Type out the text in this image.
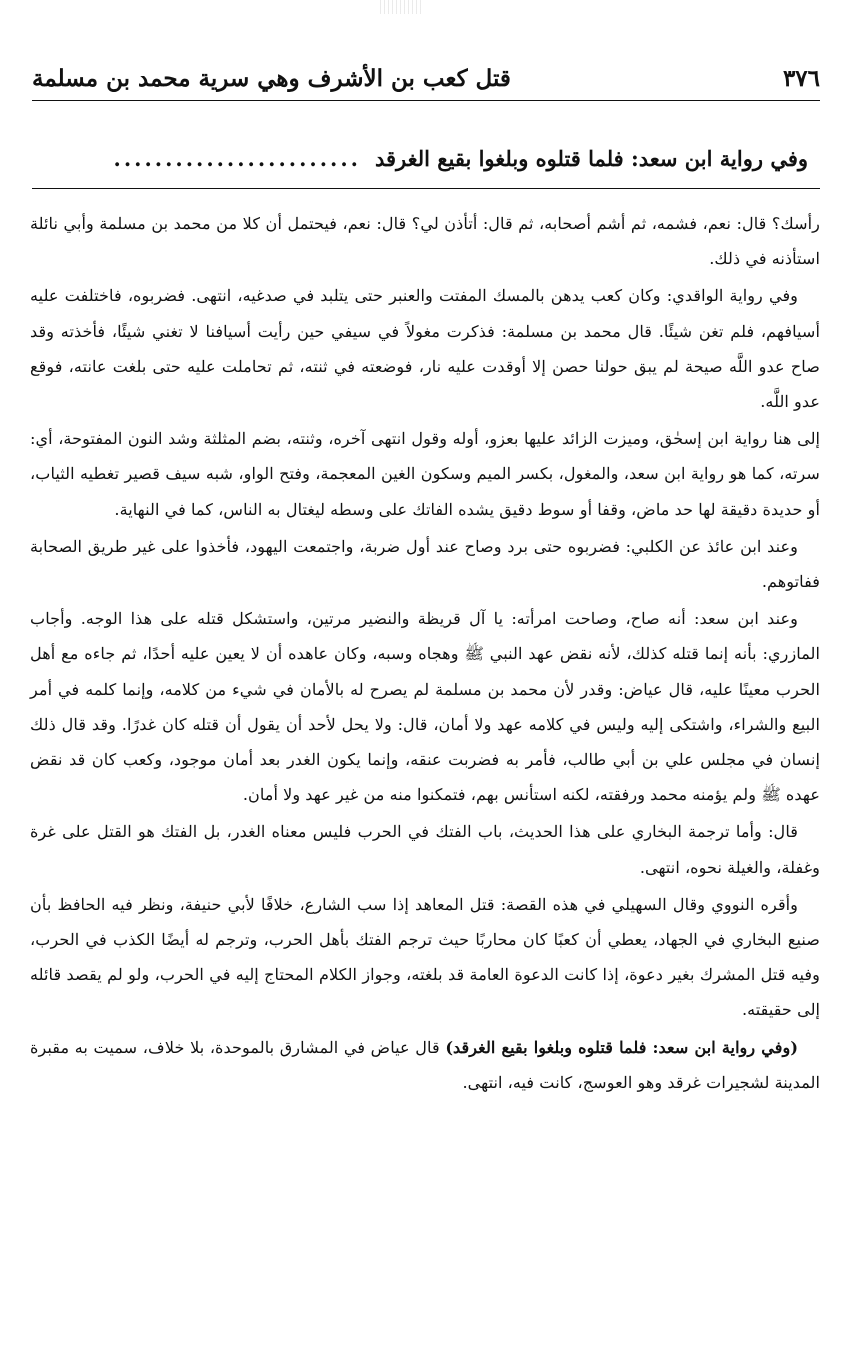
٣٧٦
قتل كعب بن الأشرف وهي سرية محمد بن مسلمة
وفي رواية ابن سعد: فلما قتلوه وبلغوا بقيع الغرقد
........................

رأسك؟ قال: نعم، فشمه، ثم أشم أصحابه، ثم قال: أتأذن لي؟ قال: نعم، فيحتمل أن كلا من محمد بن مسلمة وأبي نائلة استأذنه في ذلك.

وفي رواية الواقدي: وكان كعب يدهن بالمسك المفتت والعنبر حتى يتلبد في صدغيه، انتهى. فضربوه، فاختلفت عليه أسيافهم، فلم تغن شيئًا. قال محمد بن مسلمة: فذكرت مغولاً في سيفي حين رأيت أسيافنا لا تغني شيئًا، فأخذته وقد صاح عدو اللَّه صيحة لم يبق حولنا حصن إلا أوقدت عليه نار، فوضعته في ثنته، ثم تحاملت عليه حتى بلغت عانته، فوقع عدو اللَّه.

إلى هنا رواية ابن إسحٰق، وميزت الزائد عليها بعزو، أوله وقول انتهى آخره، وثنته، بضم المثلثة وشد النون المفتوحة، أي: سرته، كما هو رواية ابن سعد، والمغول، بكسر الميم وسكون الغين المعجمة، وفتح الواو، شبه سيف قصير تغطيه الثياب، أو حديدة دقيقة لها حد ماض، وقفا أو سوط دقيق يشده الفاتك على وسطه ليغتال به الناس، كما في النهاية.

وعند ابن عائذ عن الكلبي: فضربوه حتى برد وصاح عند أول ضربة، واجتمعت اليهود، فأخذوا على غير طريق الصحابة ففاتوهم.

وعند ابن سعد: أنه صاح، وصاحت امرأته: يا آل قريظة والنضير مرتين، واستشكل قتله على هذا الوجه. وأجاب المازري: بأنه إنما قتله كذلك، لأنه نقض عهد النبي ﷺ وهجاه وسبه، وكان عاهده أن لا يعين عليه أحدًا، ثم جاءه مع أهل الحرب معينًا عليه، قال عياض: وقدر لأن محمد بن مسلمة لم يصرح له بالأمان في شيء من كلامه، وإنما كلمه في أمر البيع والشراء، واشتكى إليه وليس في كلامه عهد ولا أمان، قال: ولا يحل لأحد أن يقول أن قتله كان غدرًا. وقد قال ذلك إنسان في مجلس علي بن أبي طالب، فأمر به فضربت عنقه، وإنما يكون الغدر بعد أمان موجود، وكعب كان قد نقض عهده ﷺ ولم يؤمنه محمد ورفقته، لكنه استأنس بهم، فتمكنوا منه من غير عهد ولا أمان.

قال: وأما ترجمة البخاري على هذا الحديث، باب الفتك في الحرب فليس معناه الغدر، بل الفتك هو القتل على غرة وغفلة، والغيلة نحوه، انتهى.

وأقره النووي وقال السهيلي في هذه القصة: قتل المعاهد إذا سب الشارع، خلافًا لأبي حنيفة، ونظر فيه الحافظ بأن صنيع البخاري في الجهاد، يعطي أن كعبًا كان محاربًا حيث ترجم الفتك بأهل الحرب، وترجم له أيضًا الكذب في الحرب، وفيه قتل المشرك بغير دعوة، إذا كانت الدعوة العامة قد بلغته، وجواز الكلام المحتاج إليه في الحرب، ولو لم يقصد قائله إلى حقيقته.

(وفي رواية ابن سعد: فلما قتلوه وبلغوا بقيع الغرقد) قال عياض في المشارق بالموحدة، بلا خلاف، سميت به مقبرة المدينة لشجيرات غرقد وهو العوسج، كانت فيه، انتهى.
